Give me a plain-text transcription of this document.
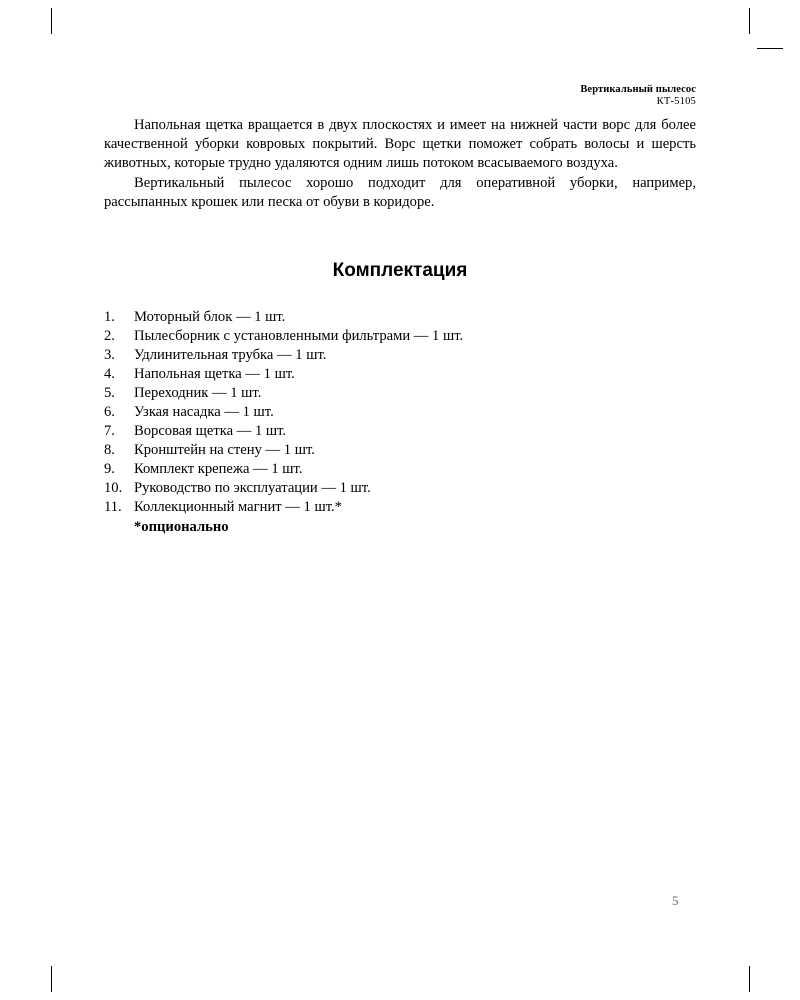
Вертикальный пылесос
КТ-5105

Напольная щетка вращается в двух плоскостях и имеет на нижней части ворс для более качественной уборки ковровых покрытий. Ворс щетки поможет собрать волосы и шерсть животных, которые трудно удаляются одним лишь потоком всасываемого воздуха.

Вертикальный пылесос хорошо подходит для оперативной уборки, например, рассыпанных крошек или песка от обуви в коридоре.

Комплектация
1.	Моторный блок — 1 шт.
2.	Пылесборник с установленными фильтрами — 1 шт.
3.	Удлинительная трубка — 1 шт.
4.	Напольная щетка — 1 шт.
5.	Переходник — 1 шт.
6.	Узкая насадка — 1 шт.
7.	Ворсовая щетка — 1 шт.
8.	Кронштейн на стену — 1 шт.
9.	Комплект крепежа — 1 шт.
10. Руководство по эксплуатации — 1 шт.
11. Коллекционный магнит — 1 шт.*
*опционально
5
